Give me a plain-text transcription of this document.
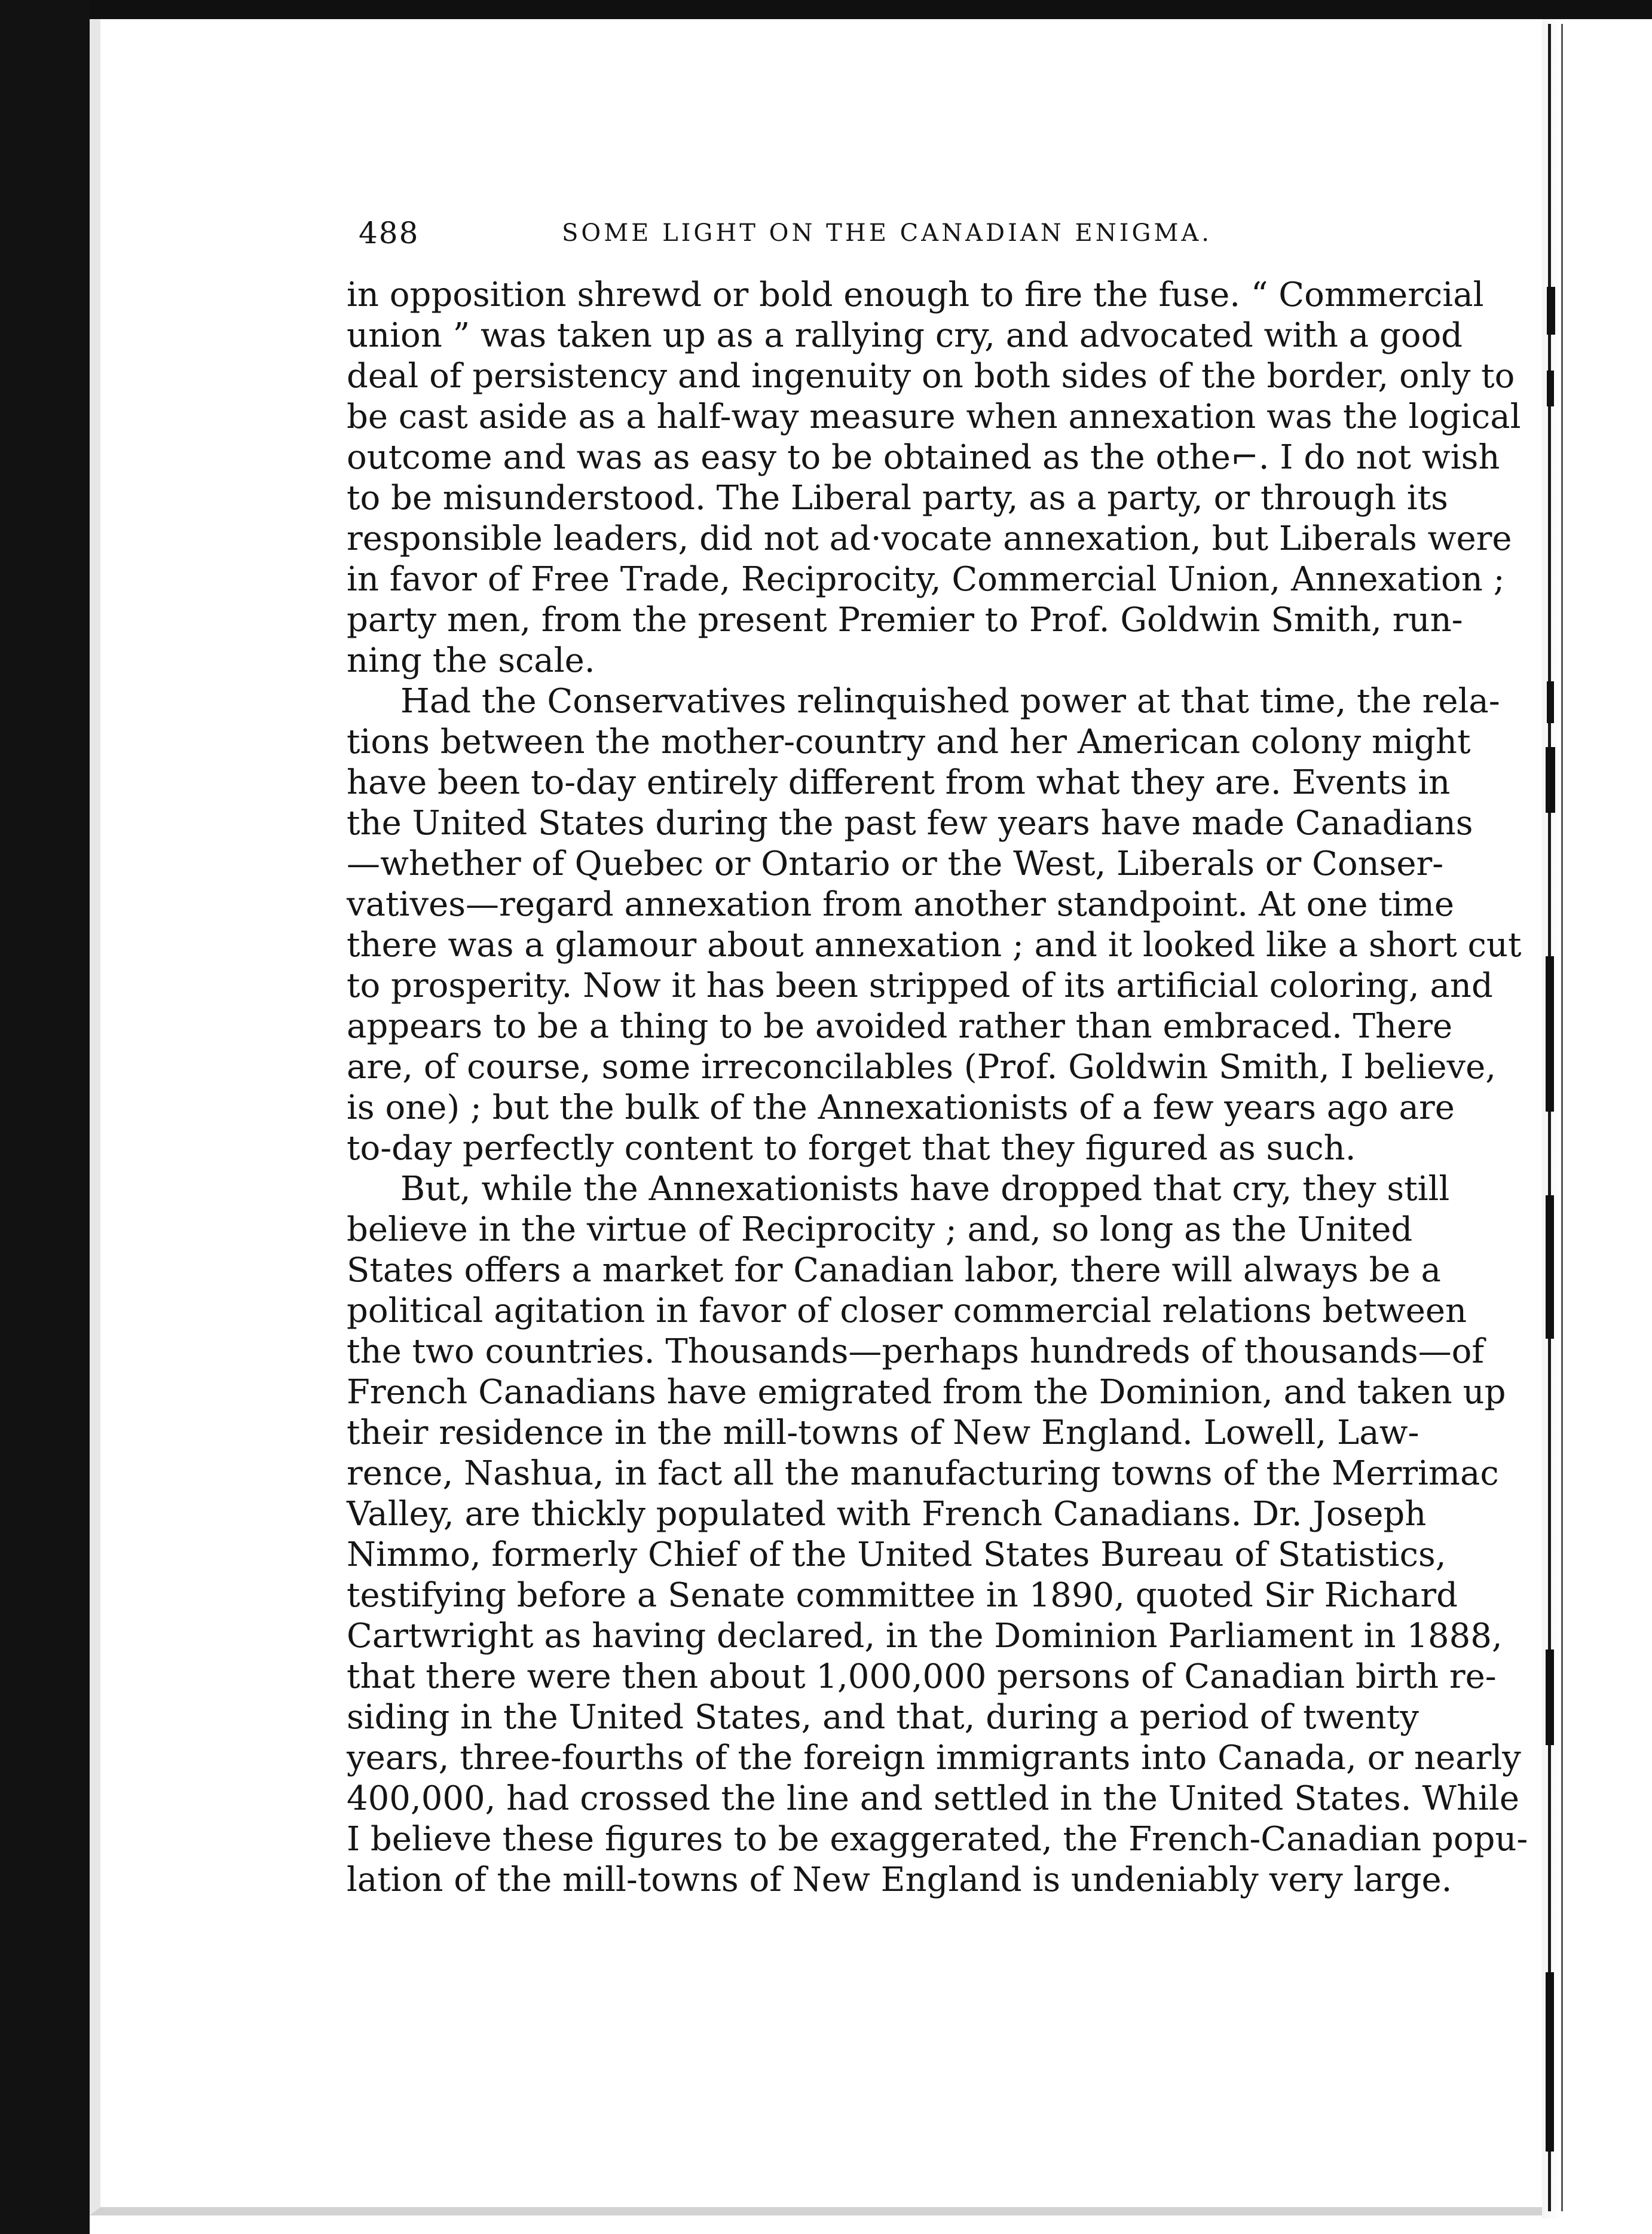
488	SOME LIGHT ON THE CANADIAN ENIGMA.
in opposition shrewd or bold enough to fire the fuse. “ Commercial
union ” was taken up as a rallying cry, and advocated with a good
deal of persistency and ingenuity on both sides of the border, only to
be cast aside as a half-way measure when annexation was the logical
outcome and was as easy to be obtained as the othe⌐. I do not wish
to be misunderstood. The Liberal party, as a party, or through its
responsible leaders, did not ad·vocate annexation, but Liberals were
in favor of Free Trade, Reciprocity, Commercial Union, Annexation ;
party men, from the present Premier to Prof. Goldwin Smith, run-
ning the scale.
Had the Conservatives relinquished power at that time, the rela-
tions between the mother-country and her American colony might
have been to-day entirely different from what they are. Events in
the United States during the past few years have made Canadians
—whether of Quebec or Ontario or the West, Liberals or Conser-
vatives—regard annexation from another standpoint. At one time
there was a glamour about annexation ; and it looked like a short cut
to prosperity. Now it has been stripped of its artificial coloring, and
appears to be a thing to be avoided rather than embraced. There
are, of course, some irreconcilables (Prof. Goldwin Smith, I believe,
is one) ; but the bulk of the Annexationists of a few years ago are
to-day perfectly content to forget that they figured as such.
But, while the Annexationists have dropped that cry, they still
believe in the virtue of Reciprocity ; and, so long as the United
States offers a market for Canadian labor, there will always be a
political agitation in favor of closer commercial relations between
the two countries. Thousands—perhaps hundreds of thousands—of
French Canadians have emigrated from the Dominion, and taken up
their residence in the mill-towns of New England. Lowell, Law-
rence, Nashua, in fact all the manufacturing towns of the Merrimac
Valley, are thickly populated with French Canadians. Dr. Joseph
Nimmo, formerly Chief of the United States Bureau of Statistics,
testifying before a Senate committee in 1890, quoted Sir Richard
Cartwright as having declared, in the Dominion Parliament in 1888,
that there were then about 1,000,000 persons of Canadian birth re-
siding in the United States, and that, during a period of twenty
years, three-fourths of the foreign immigrants into Canada, or nearly
400,000, had crossed the line and settled in the United States. While
I believe these figures to be exaggerated, the French-Canadian popu-
lation of the mill-towns of New England is undeniably very large.
